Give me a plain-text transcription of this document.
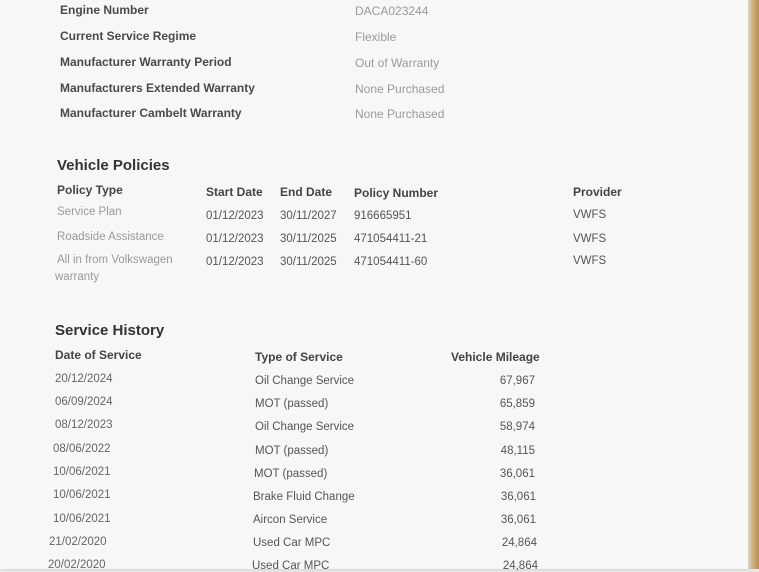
Engine Number	DACA023244
Current Service Regime	Flexible
Manufacturer Warranty Period	Out of Warranty
Manufacturers Extended Warranty	None Purchased
Manufacturer Cambelt Warranty	None Purchased
Vehicle Policies
Policy Type	Start Date End Date Policy Number	Provider
Service Plan	01/12/2023 30/11/2027 916665951	VWFS
Roadside Assistance	01/12/2023 30/11/2025 471054411-21	VWFS
All in from Volkswagen
warranty
01/12/2023 30/11/2025 471054411-60	VWFS
Service History
Date of Service	Type of Service	Vehicle Mileage
20/12/2024	Oil Change Service	67,967
06/09/2024	MOT (passed)	65,859
08/12/2023	Oil Change Service	58,974
08/06/2022	MOT (passed)	48,115
10/06/2021	MOT (passed)	36,061
10/06/2021	Brake Fluid Change	36,061
10/06/2021	Aircon Service	36,061
21/02/2020	Used Car MPC	24,864
20/02/2020	Used Car MPC	24,864
